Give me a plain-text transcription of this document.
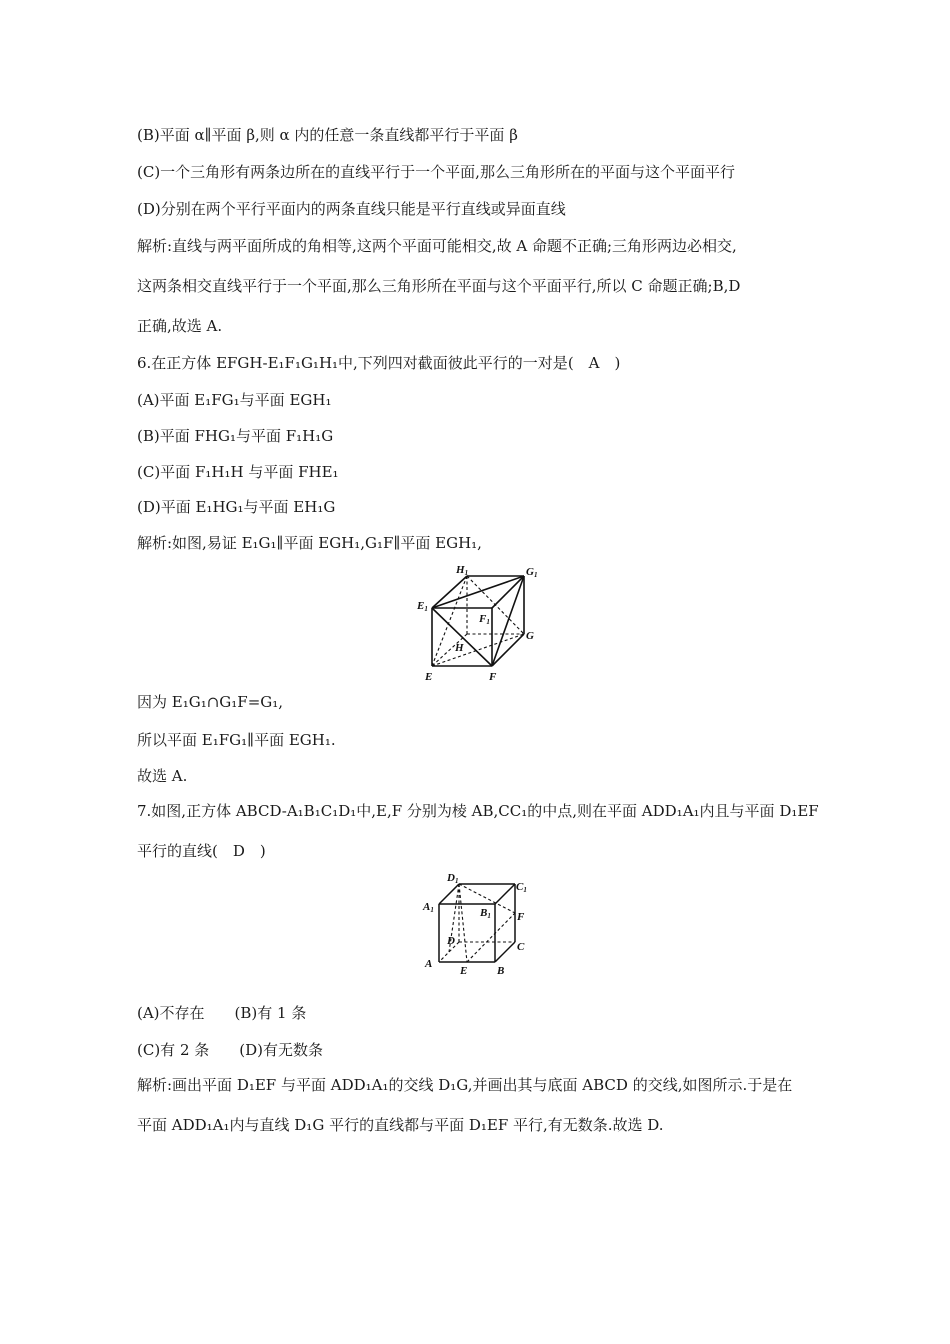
(B)平面 α∥平面 β,则 α 内的任意一条直线都平行于平面 β
(C)一个三角形有两条边所在的直线平行于一个平面,那么三角形所在的平面与这个平面平行
(D)分别在两个平行平面内的两条直线只能是平行直线或异面直线
解析:直线与两平面所成的角相等,这两个平面可能相交,故 A 命题不正确;三角形两边必相交,
这两条相交直线平行于一个平面,那么三角形所在平面与这个平面平行,所以 C 命题正确;B,D
正确,故选 A.
6.在正方体 EFGH-E₁F₁G₁H₁中,下列四对截面彼此平行的一对是(　A　)
(A)平面 E₁FG₁与平面 EGH₁
(B)平面 FHG₁与平面 F₁H₁G
(C)平面 F₁H₁H 与平面 FHE₁
(D)平面 E₁HG₁与平面 EH₁G
解析:如图,易证 E₁G₁∥平面 EGH₁,G₁F∥平面 EGH₁,
因为 E₁G₁∩G₁F=G₁,
所以平面 E₁FG₁∥平面 EGH₁.
故选 A.
7.如图,正方体 ABCD-A₁B₁C₁D₁中,E,F 分别为棱 AB,CC₁的中点,则在平面 ADD₁A₁内且与平面 D₁EF
平行的直线(　D　)
(A)不存在　　(B)有 1 条
(C)有 2 条　　(D)有无数条
解析:画出平面 D₁EF 与平面 ADD₁A₁的交线 D₁G,并画出其与底面 ABCD 的交线,如图所示.于是在
平面 ADD₁A₁内与直线 D₁G 平行的直线都与平面 D₁EF 平行,有无数条.故选 D.
H1	G1
E1
F1
G
H
E	F
D1	C1
A1	B1 F
D	C
A
E	B
